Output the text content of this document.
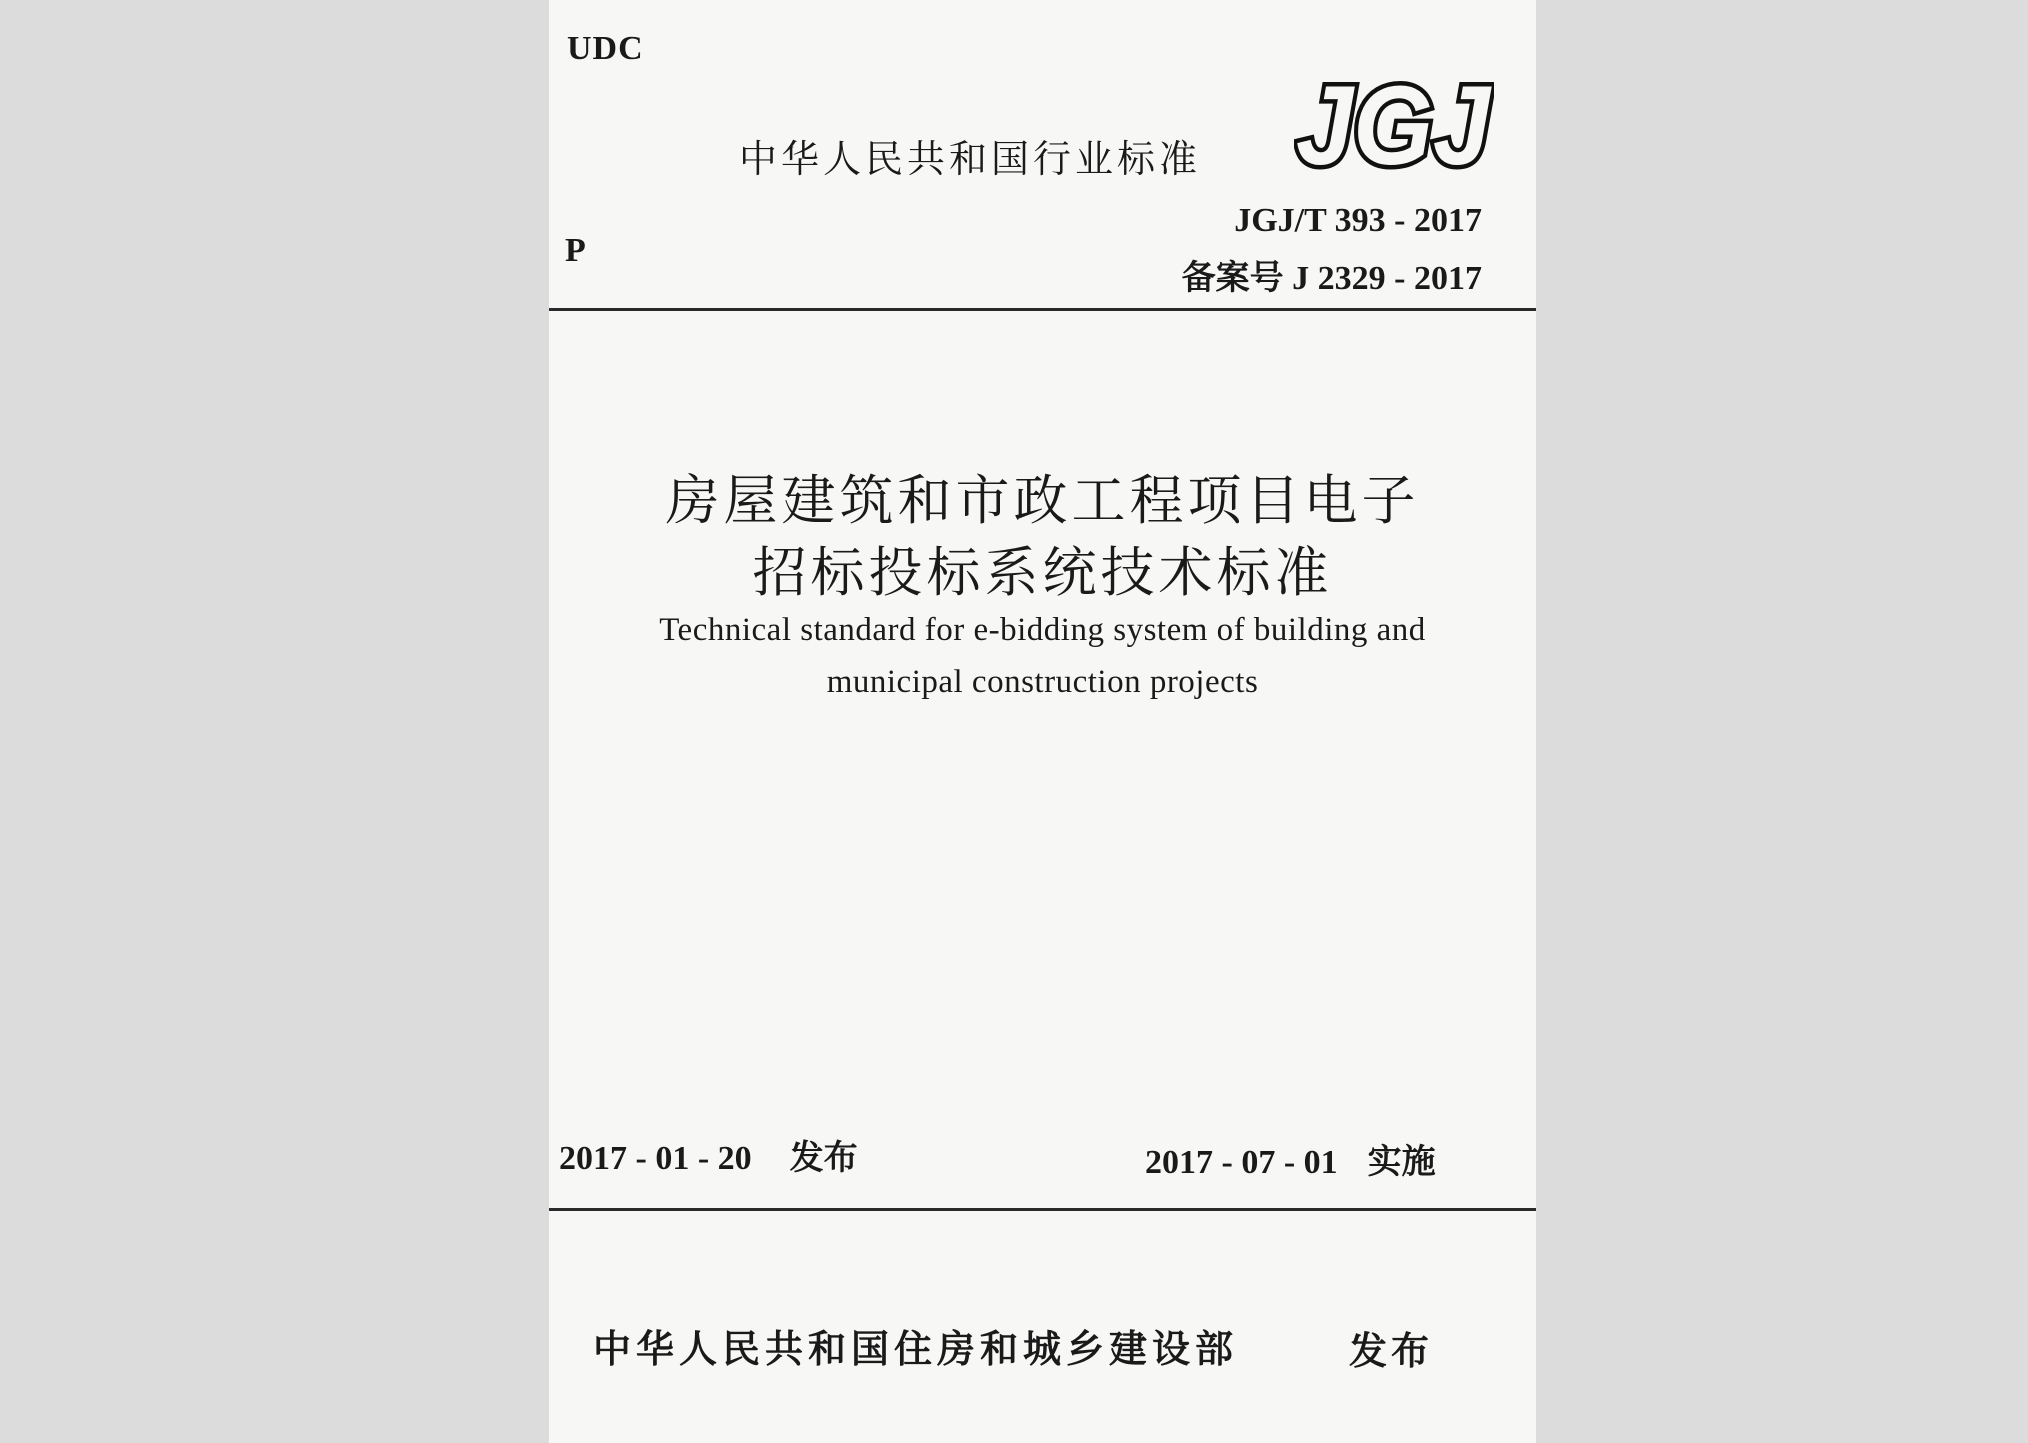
UDC
中华人民共和国行业标准 JGJ
P
JGJ/T 393 - 2017
备案号 J 2329 - 2017
房屋建筑和市政工程项目电子
招标投标系统技术标准
Technical standard for e-bidding system of building and
municipal construction projects
2017 - 01 - 20 发布	2017 - 07 - 01 实施
中华人民共和国住房和城乡建设部	发布
